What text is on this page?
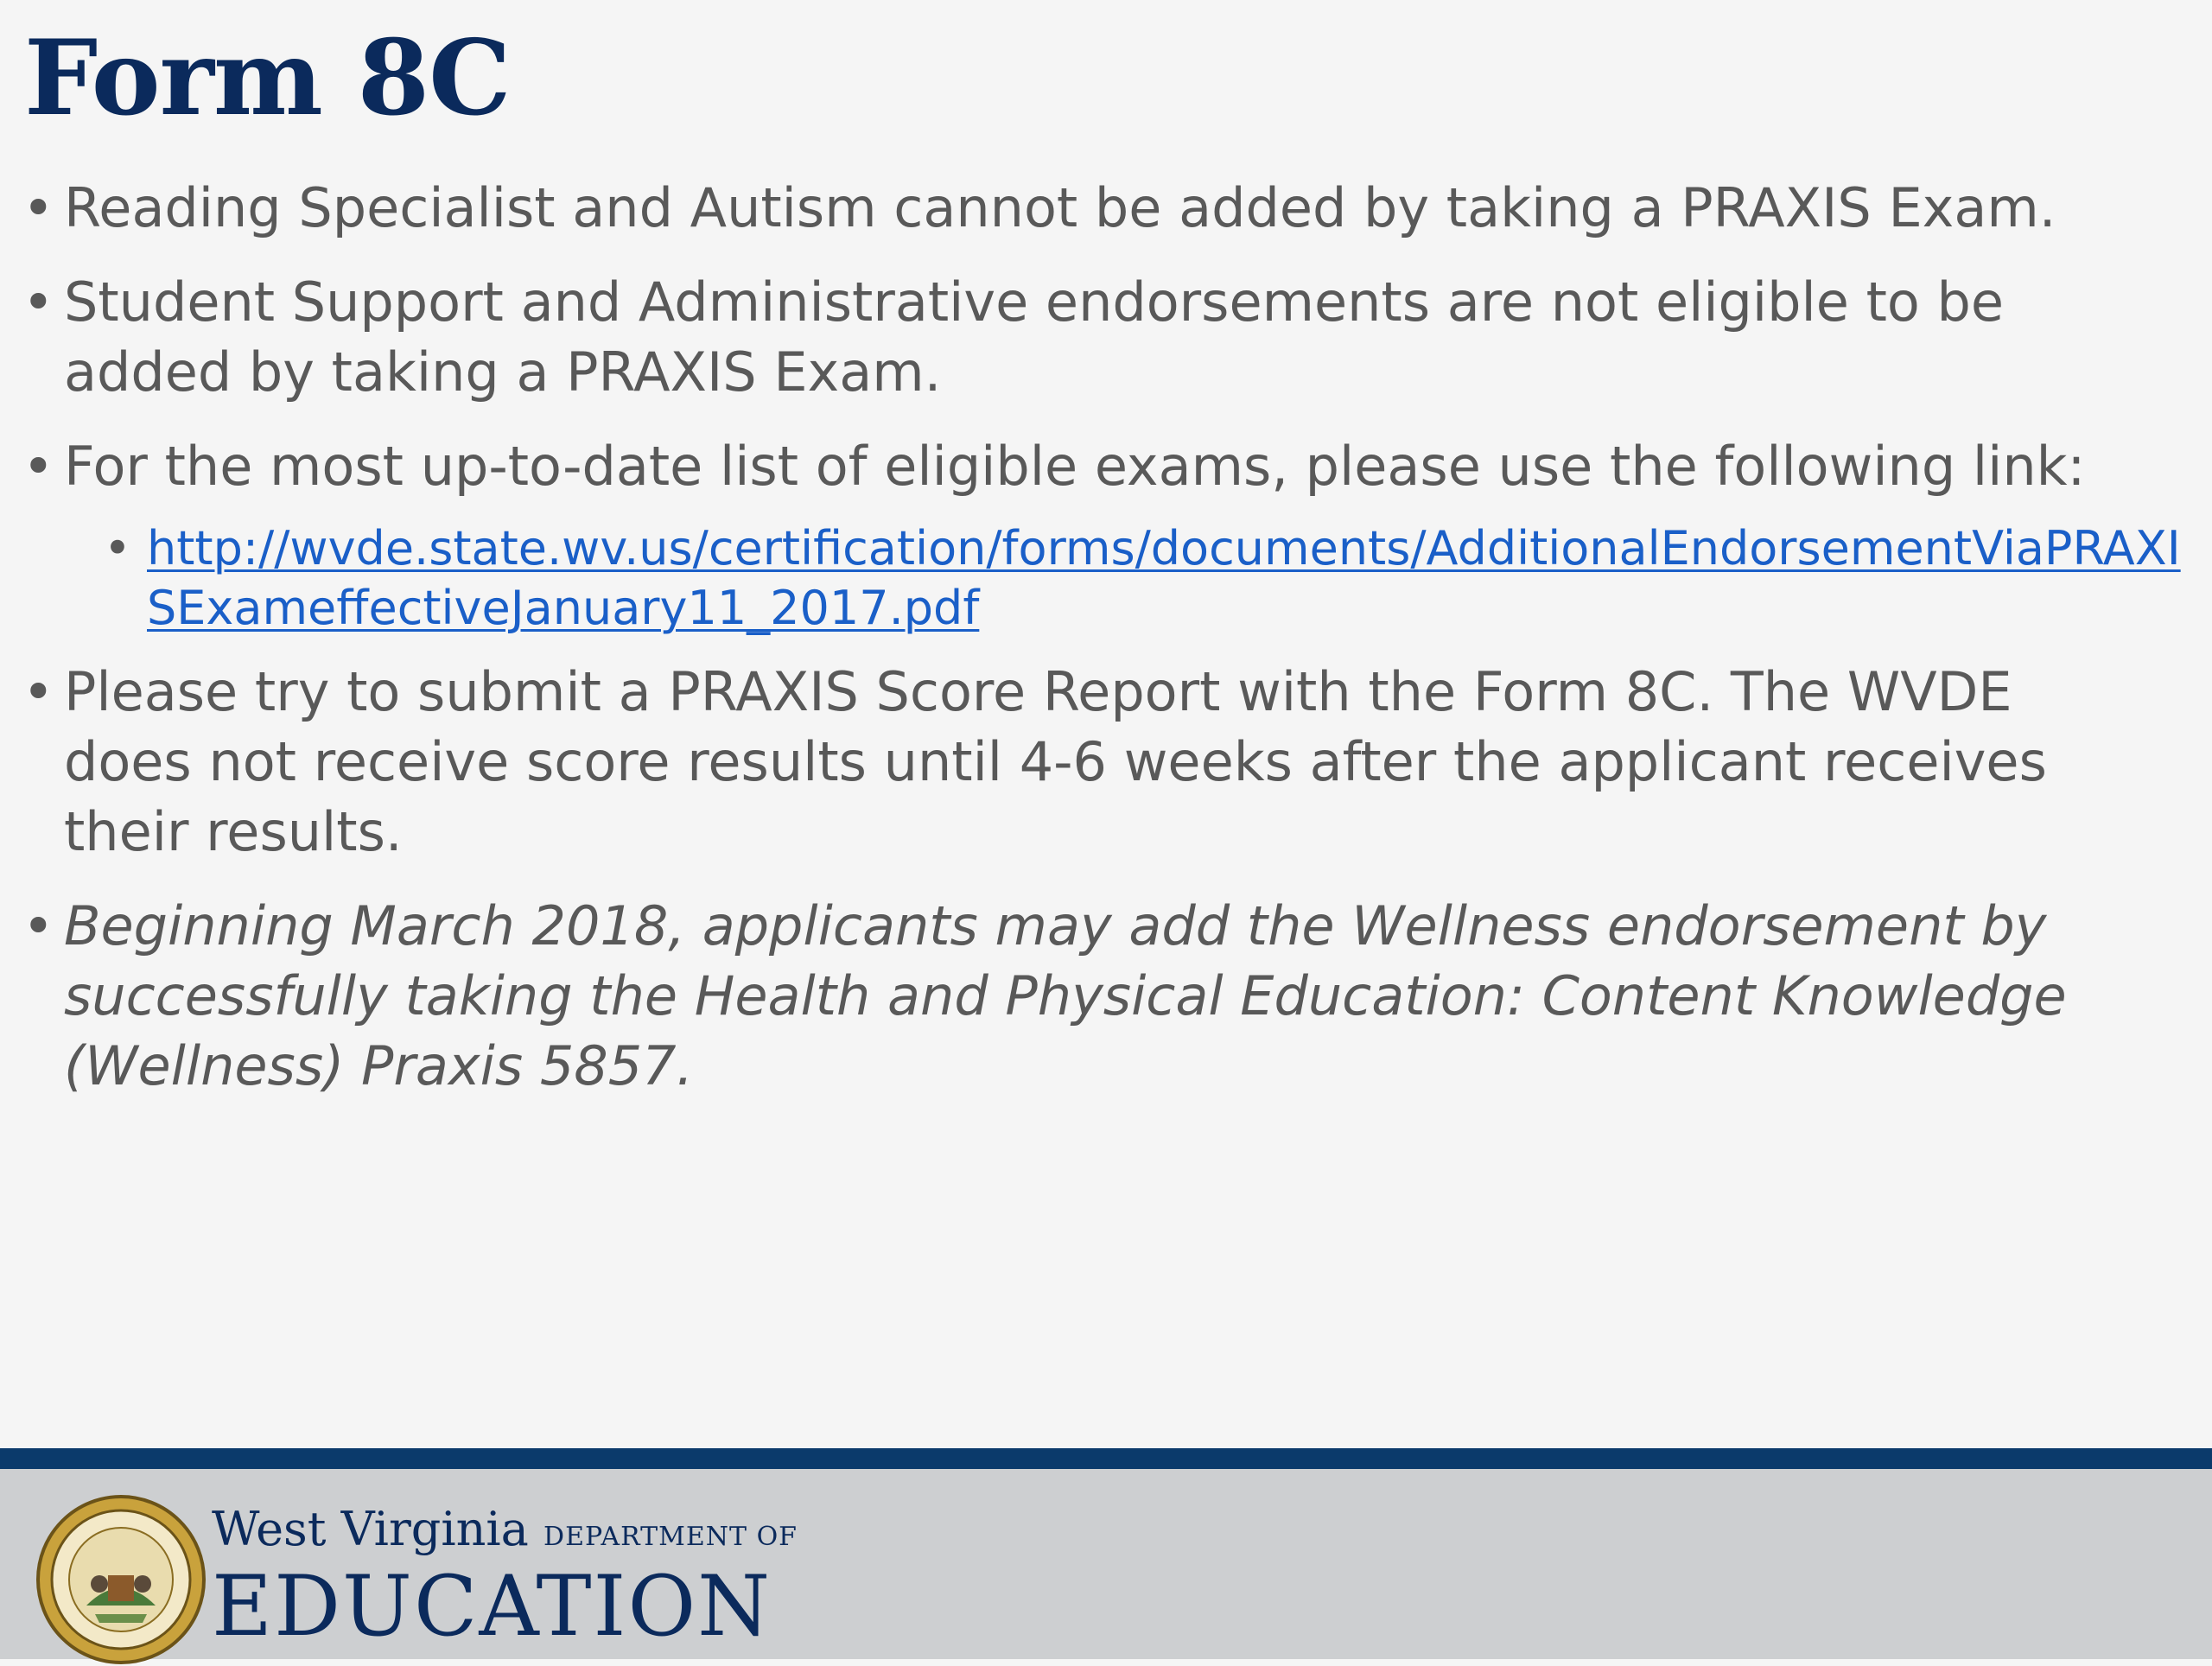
Form 8C
• Reading Specialist and Autism cannot be added by taking a PRAXIS Exam.
• Student Support and Administrative endorsements are not eligible to be added by taking a PRAXIS Exam.
• For the most up-to-date list of eligible exams, please use the following link:
• http://wvde.state.wv.us/certification/forms/documents/AdditionalEndorsementViaPRAXISExameffectiveJanuary11_2017.pdf
• Please try to submit a PRAXIS Score Report with the Form 8C. The WVDE does not receive score results until 4-6 weeks after the applicant receives their results.
• Beginning March 2018, applicants may add the Wellness endorsement by successfully taking the Health and Physical Education: Content Knowledge (Wellness) Praxis 5857.
West Virginia DEPARTMENT OF
EDUCATION
